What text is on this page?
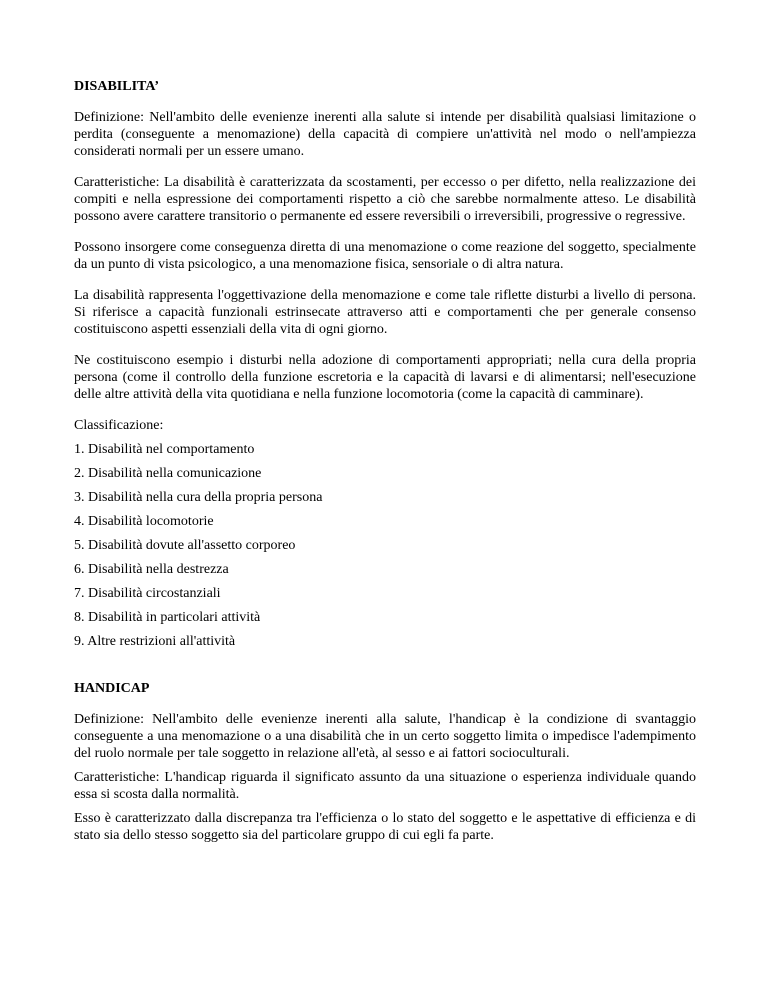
DISABILITA’

Definizione: Nell'ambito delle evenienze inerenti alla salute si intende per disabilità qualsiasi limitazione o perdita (conseguente a menomazione) della capacità di compiere un'attività nel modo o nell'ampiezza considerati normali per un essere umano.

Caratteristiche: La disabilità è caratterizzata da scostamenti, per eccesso o per difetto, nella realizzazione dei compiti e nella espressione dei comportamenti rispetto a ciò che sarebbe normalmente atteso. Le disabilità possono avere carattere transitorio o permanente ed essere reversibili o irreversibili, progressive o regressive.

Possono insorgere come conseguenza diretta di una menomazione o come reazione del soggetto, specialmente da un punto di vista psicologico, a una menomazione fisica, sensoriale o di altra natura.

La disabilità rappresenta l'oggettivazione della menomazione e come tale riflette disturbi a livello di persona. Si riferisce a capacità funzionali estrinsecate attraverso atti e comportamenti che per generale consenso costituiscono aspetti essenziali della vita di ogni giorno.

Ne costituiscono esempio i disturbi nella adozione di comportamenti appropriati; nella cura della propria persona (come il controllo della funzione escretoria e la capacità di lavarsi e di alimentarsi; nell'esecuzione delle altre attività della vita quotidiana e nella funzione locomotoria (come la capacità di camminare).

Classificazione:

1. Disabilità nel comportamento
2. Disabilità nella comunicazione
3. Disabilità nella cura della propria persona
4. Disabilità locomotorie
5. Disabilità dovute all'assetto corporeo
6. Disabilità nella destrezza
7. Disabilità circostanziali
8. Disabilità in particolari attività
9. Altre restrizioni all'attività
HANDICAP

Definizione: Nell'ambito delle evenienze inerenti alla salute, l'handicap è la condizione di svantaggio conseguente a una menomazione o a una disabilità che in un certo soggetto limita o impedisce l'adempimento del ruolo normale per tale soggetto in relazione all'età, al sesso e ai fattori socioculturali.

Caratteristiche: L'handicap riguarda il significato assunto da una situazione o esperienza individuale quando essa si scosta dalla normalità.

Esso è caratterizzato dalla discrepanza tra l'efficienza o lo stato del soggetto e le aspettative di efficienza e di stato sia dello stesso soggetto sia del particolare gruppo di cui egli fa parte.
